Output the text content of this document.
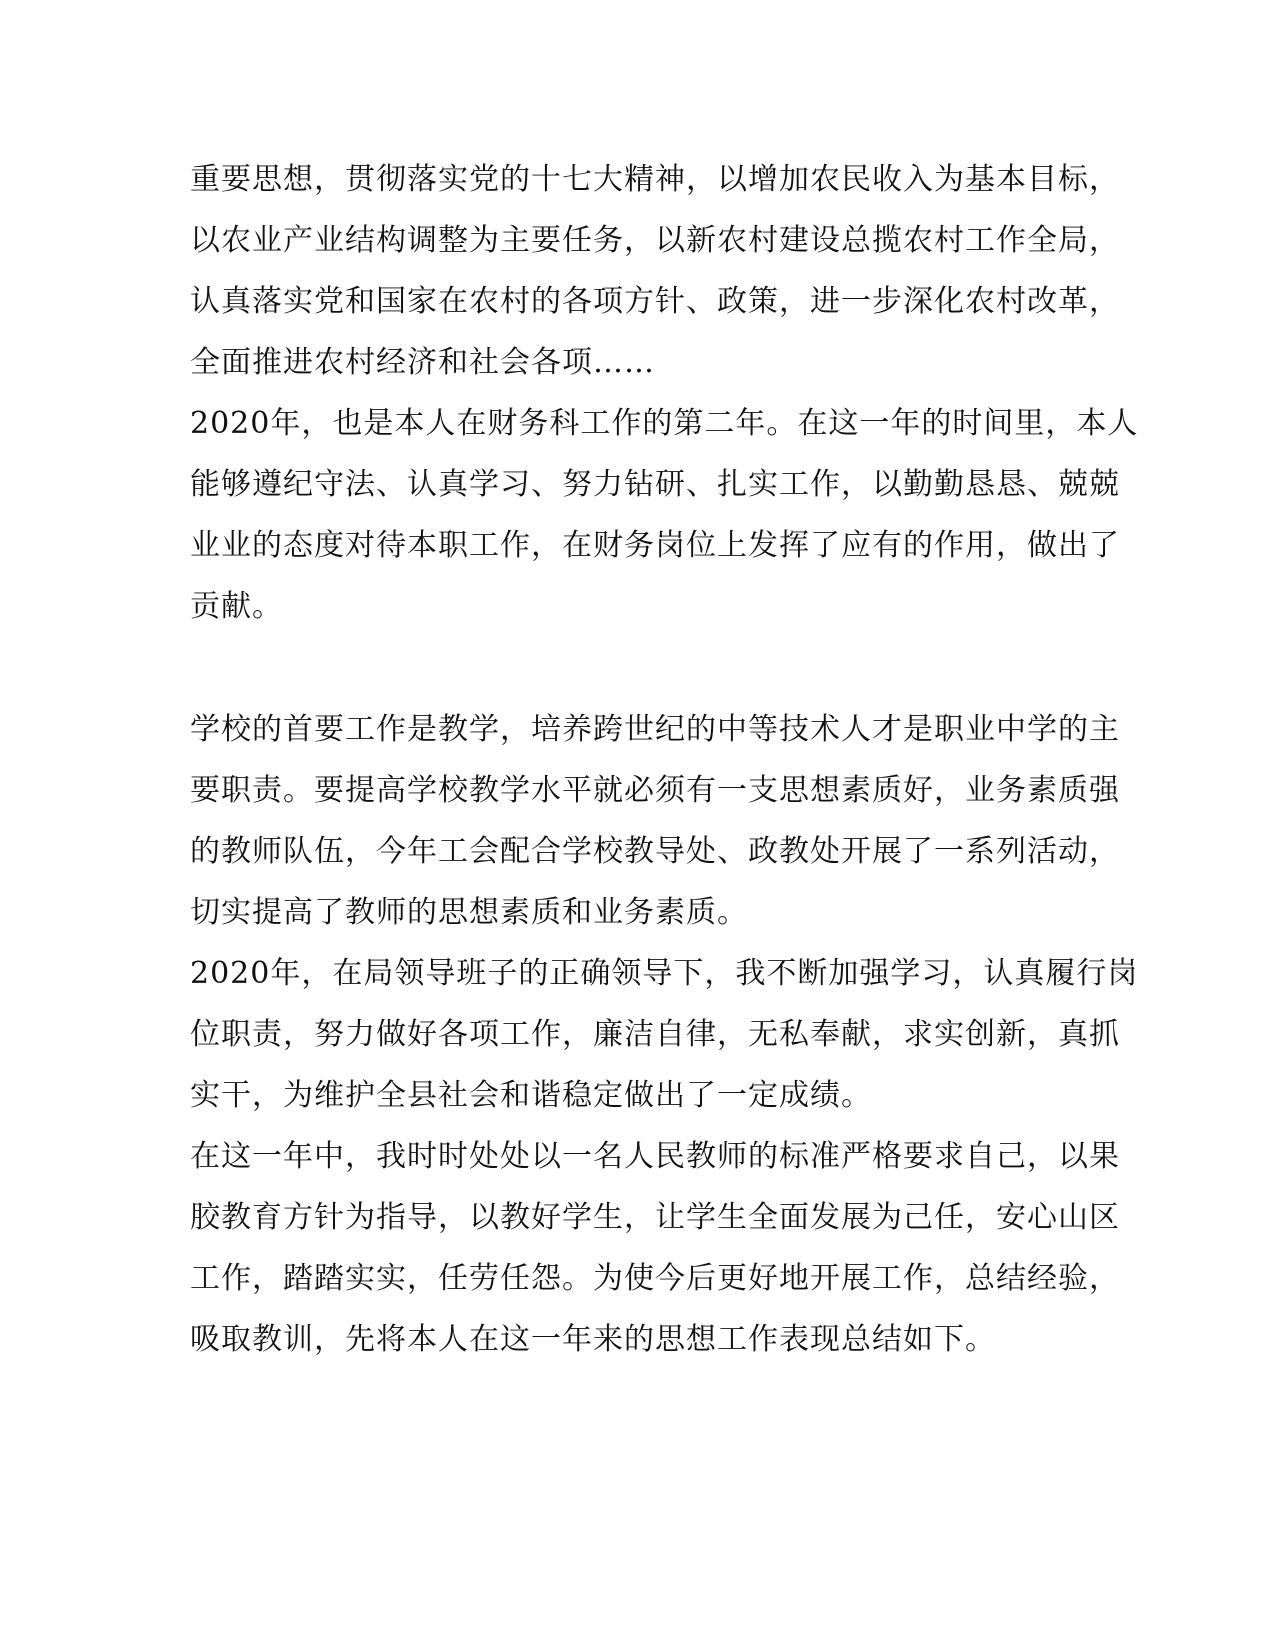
重要思想，贯彻落实党的十七大精神，以增加农民收入为基本目标，
以农业产业结构调整为主要任务，以新农村建设总揽农村工作全局，
认真落实党和国家在农村的各项方针、政策，进一步深化农村改革，
全面推进农村经济和社会各项……
2020年，也是本人在财务科工作的第二年。在这一年的时间里，本人
能够遵纪守法、认真学习、努力钻研、扎实工作，以勤勤恳恳、兢兢
业业的态度对待本职工作，在财务岗位上发挥了应有的作用，做出了
贡献。
学校的首要工作是教学，培养跨世纪的中等技术人才是职业中学的主
要职责。要提高学校教学水平就必须有一支思想素质好，业务素质强
的教师队伍，今年工会配合学校教导处、政教处开展了一系列活动，
切实提高了教师的思想素质和业务素质。
2020年，在局领导班子的正确领导下，我不断加强学习，认真履行岗
位职责，努力做好各项工作，廉洁自律，无私奉献，求实创新，真抓
实干，为维护全县社会和谐稳定做出了一定成绩。
在这一年中，我时时处处以一名人民教师的标准严格要求自己，以果
胶教育方针为指导，以教好学生，让学生全面发展为己任，安心山区
工作，踏踏实实，任劳任怨。为使今后更好地开展工作，总结经验，
吸取教训，先将本人在这一年来的思想工作表现总结如下。
